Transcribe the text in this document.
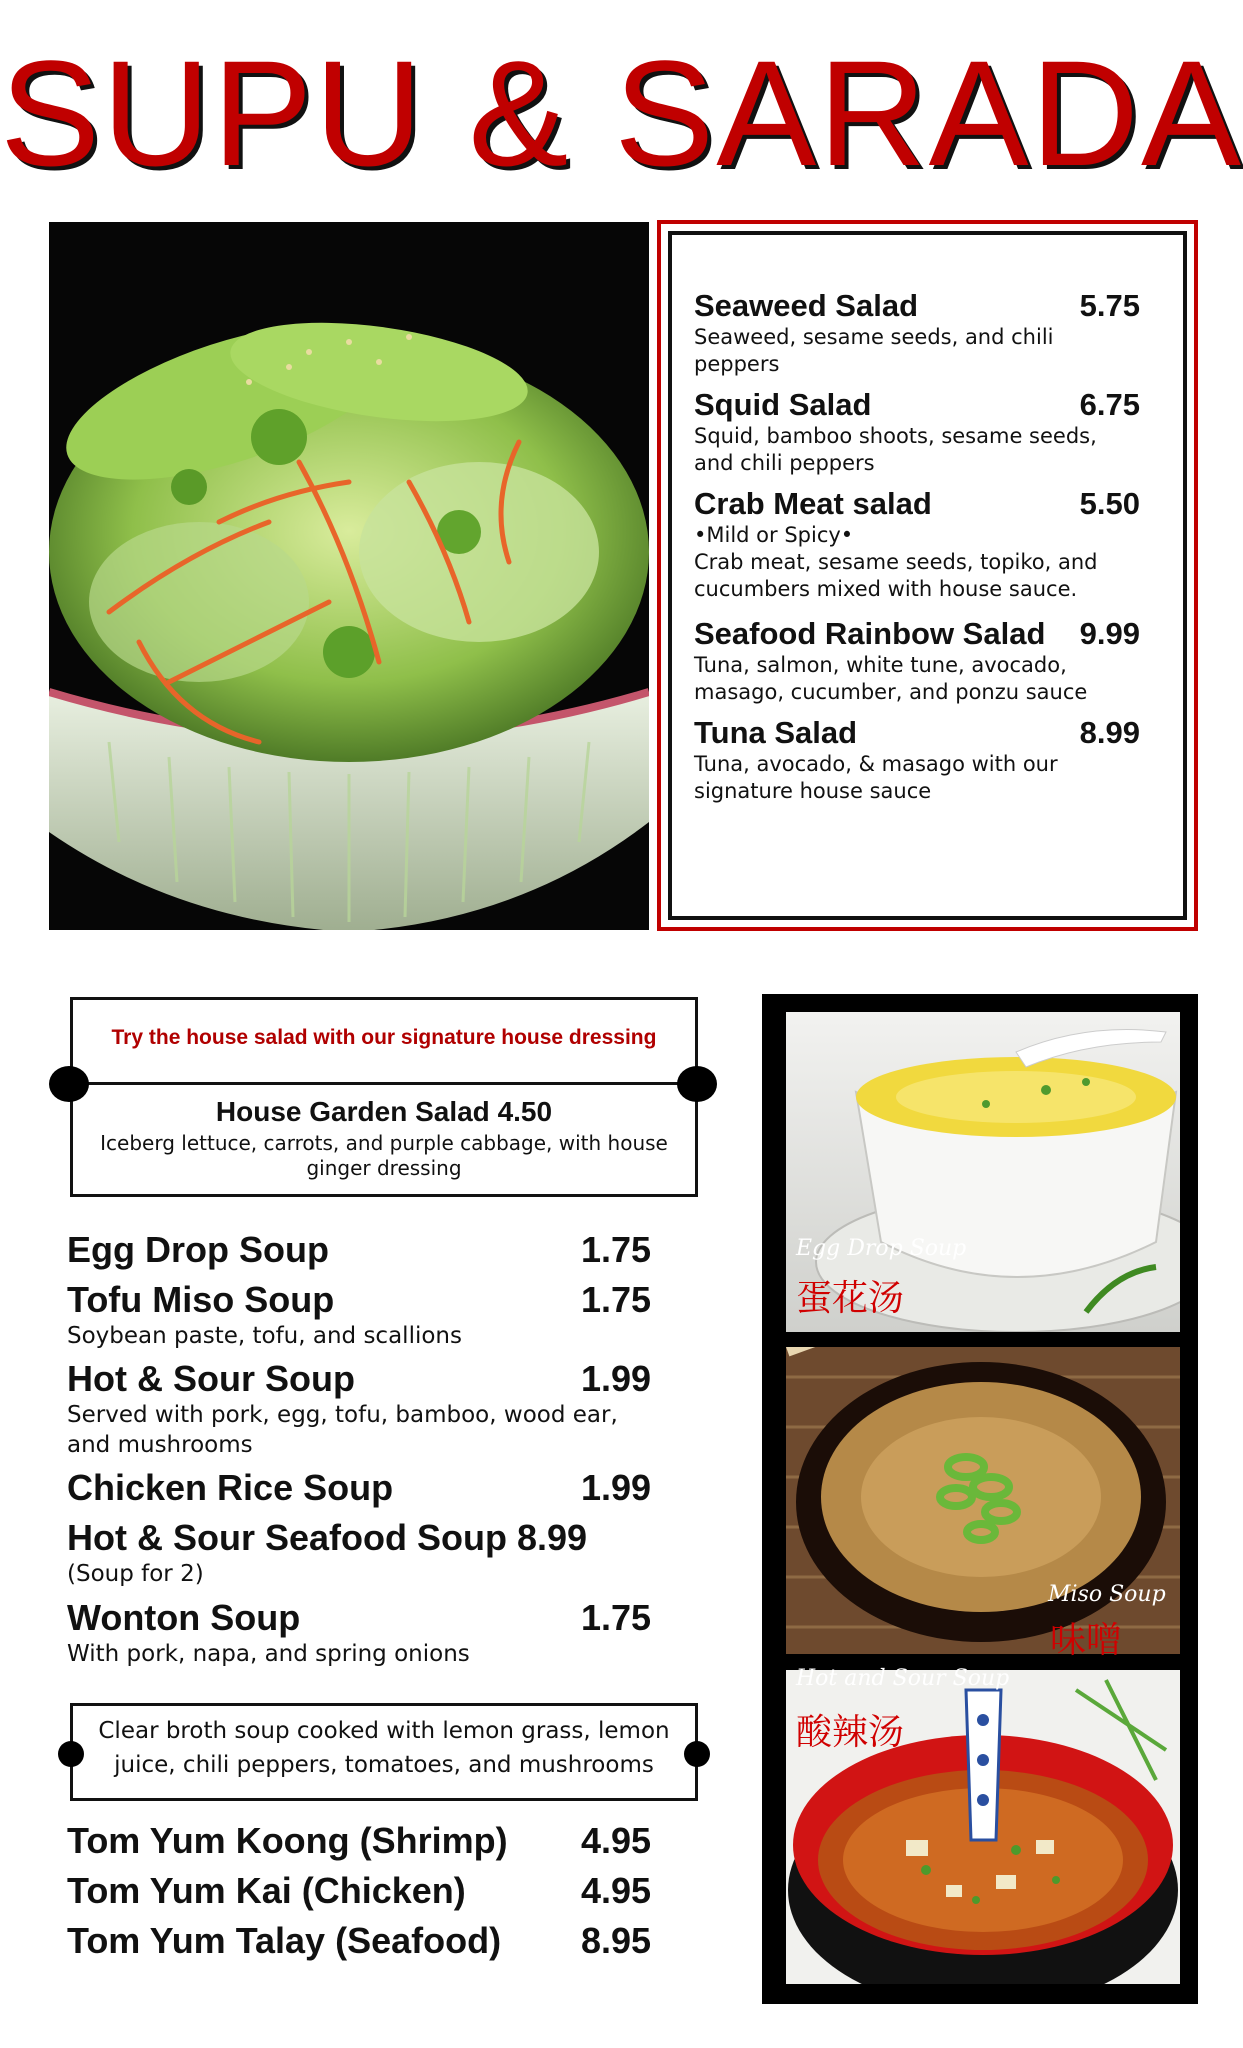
SUPU & SARADA
Seaweed Salad	5.75
Seaweed, sesame seeds, and chili peppers
Squid Salad	6.75
Squid, bamboo shoots, sesame seeds, and chili peppers
Crab Meat salad	5.50
•Mild or Spicy•
Crab meat, sesame seeds, topiko, and cucumbers mixed with house sauce.
Seafood Rainbow Salad	9.99
Tuna, salmon, white tune, avocado, masago, cucumber, and ponzu sauce
Tuna Salad	8.99
Tuna, avocado, & masago with our signature house sauce
Try the house salad with our signature house dressing
House Garden Salad 4.50
Iceberg lettuce, carrots, and purple cabbage, with house ginger dressing
Egg Drop Soup	1.75
Tofu Miso Soup	1.75
Soybean paste, tofu, and scallions
Hot & Sour Soup	1.99
Served with pork, egg, tofu, bamboo, wood ear, and mushrooms
Chicken Rice Soup	1.99
Hot & Sour Seafood Soup 8.99
(Soup for 2)
Wonton Soup	1.75
With pork, napa, and spring onions
Clear broth soup cooked with lemon grass, lemon juice, chili peppers, tomatoes, and mushrooms
Tom Yum Koong (Shrimp)	4.95
Tom Yum Kai (Chicken)	4.95
Tom Yum Talay (Seafood)	8.95
Egg Drop Soup
蛋花汤
Miso Soup
味噌
Hot and Sour Soup
酸辣汤
